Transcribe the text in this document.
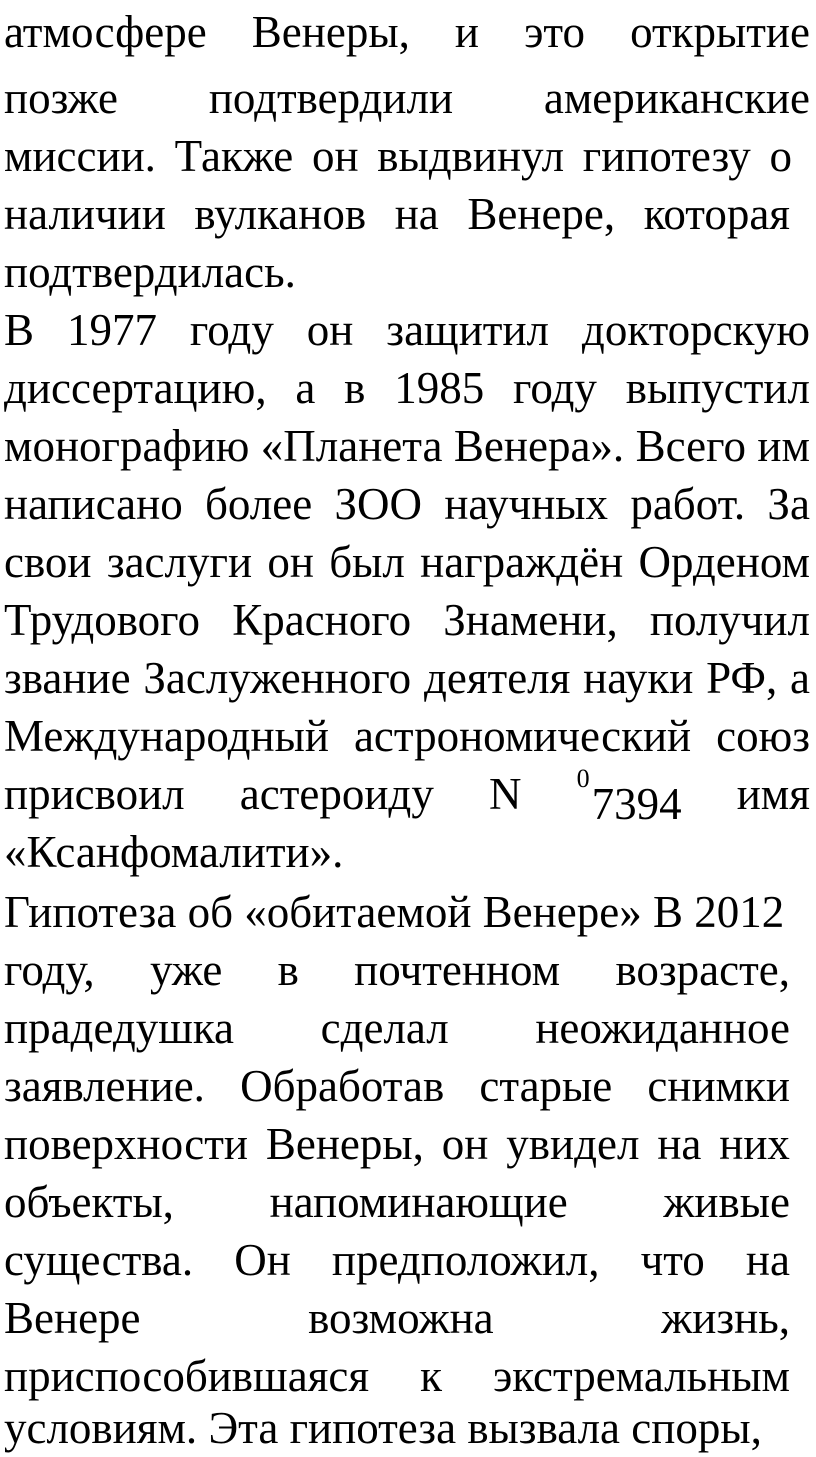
атмосфере Венеры, и это открытие
позже подтвердили американские
миссии. Также он выдвинул гипотезу о
наличии вулканов на Венере, которая
подтвердилась.
В 1977 году он защитил докторскую
диссертацию, а в 1985 году выпустил
монографию «Планета Венера». Всего им
написано более ЗОО научных работ. За
свои заслуги он был награждён Орденом
Трудового Красного Знамени, получил
звание Заслуженного деятеля науки РФ, а
Международный астрономический союз
присвоил астероиду N $^0$7394 имя
«Ксанфомалити».
Гипотеза об «обитаемой Венере» В 2012
году, уже в почтенном возрасте,
прадедушка сделал неожиданное
заявление. Обработав старые снимки
поверхности Венеры, он увидел на них
объекты, напоминающие живые
существа. Он предположил, что на
Венере	возможна	жизнь,
приспособившаяся к экстремальным
условиям. Эта гипотеза вызвала споры,
